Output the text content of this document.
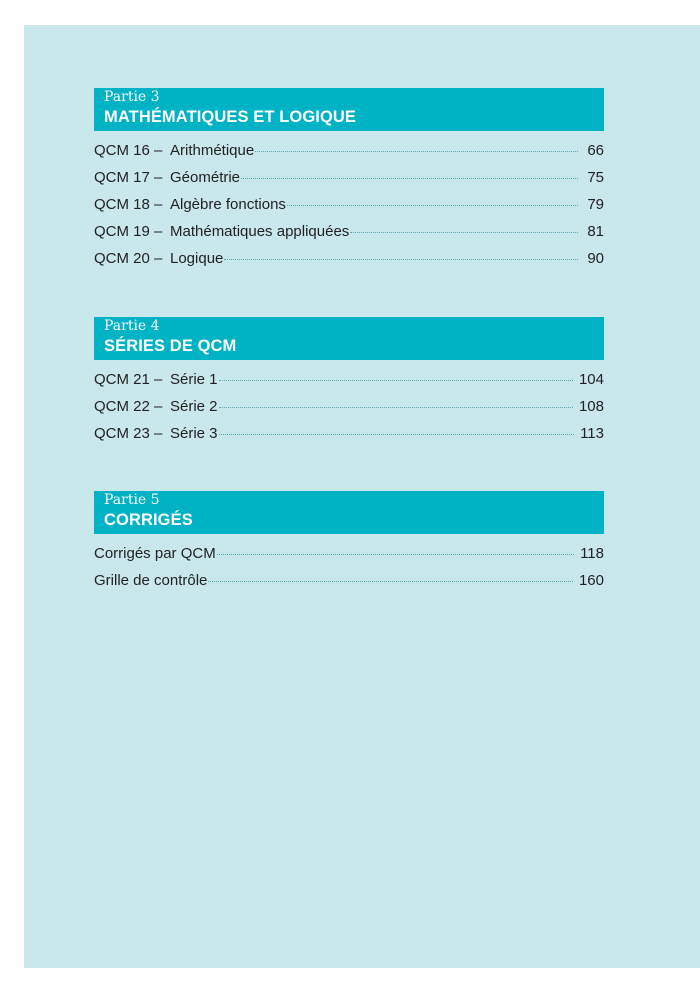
Partie 3
MATHÉMATIQUES ET LOGIQUE
QCM 16 – Arithmétique	66
QCM 17 – Géométrie	75
QCM 18 – Algèbre fonctions	79
QCM 19 – Mathématiques appliquées	81
QCM 20 – Logique	90
Partie 4
SÉRIES DE QCM
QCM 21 – Série 1	104
QCM 22 – Série 2	108
QCM 23 – Série 3	113
Partie 5
CORRIGÉS
Corrigés par QCM	118
Grille de contrôle	160
